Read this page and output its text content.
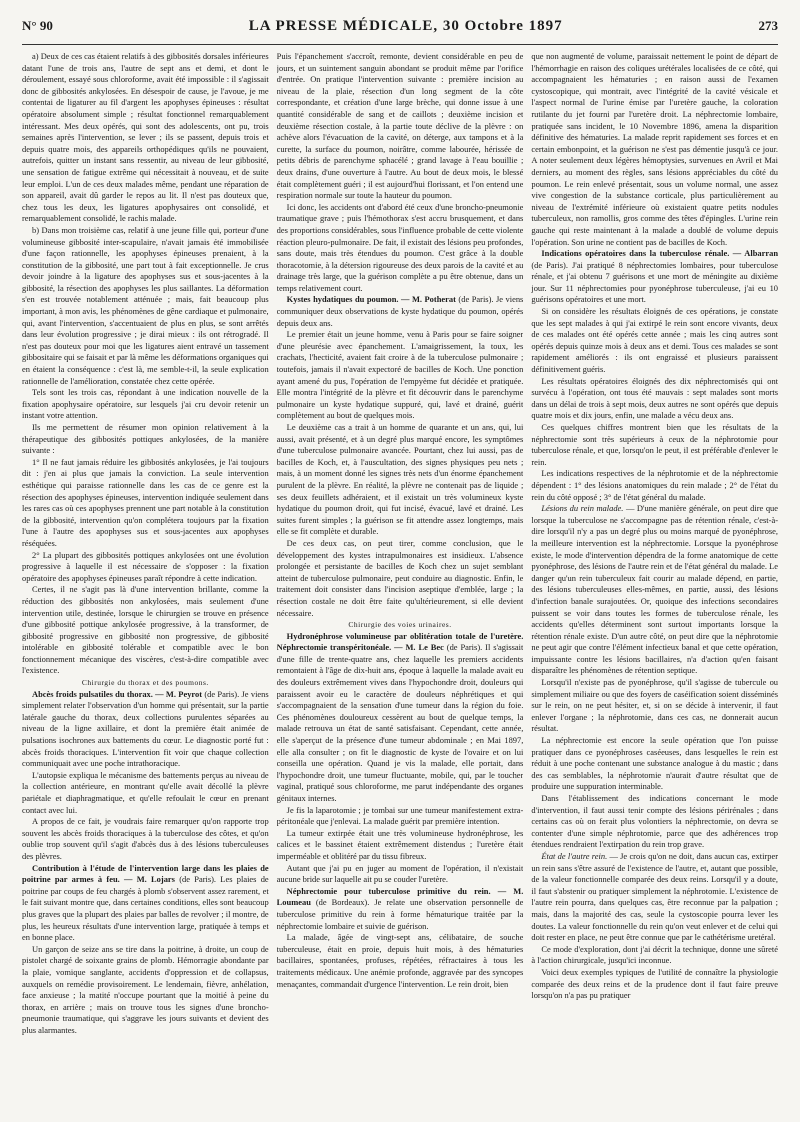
N° 90	LA PRESSE MÉDICALE, 30 Octobre 1897	273

a) Deux de ces cas étaient relatifs à des gibbosités dorsales inférieures datant l'une de trois ans, l'autre de sept ans et demi, et dont le déroulement, essayé sous chloroforme, avait été impossible : il s'agissait donc de gibbosités ankylosées. En désespoir de cause, je l'avoue, je me contentai de ligaturer au fil d'argent les apophyses épineuses : résultat opératoire absolument simple ; résultat fonctionnel remarquablement intéressant. Mes deux opérés, qui sont des adolescents, ont pu, trois semaines après l'intervention, se lever ; ils se passent, depuis trois et depuis quatre mois, des appareils orthopédiques qu'ils ne pouvaient, autrefois, quitter un instant sans ressentir, au niveau de leur gibbosité, une sensation de fatigue extrême qui nécessitait à nouveau, et de suite leur emploi. L'un de ces deux malades même, pendant une réparation de son appareil, avait dû garder le repos au lit. Il n'est pas douteux que, chez tous les deux, les ligatures apophysaires ont consolidé, et remarquablement consolidé, le rachis malade.

b) Dans mon troisième cas, relatif à une jeune fille qui, porteur d'une volumineuse gibbosité inter-scapulaire, n'avait jamais été immobilisée d'une façon rationnelle, les apophyses épineuses prenaient, à la constitution de la gibbosité, une part tout à fait exceptionnelle. Je crus devoir joindre à la ligature des apophyses sus et sous-jacentes à la gibbosité, la résection des apophyses les plus saillantes. La déformation s'en est trouvée notablement atténuée ; mais, fait beaucoup plus important, à mon avis, les phénomènes de gêne cardiaque et pulmonaire, qui, avant l'intervention, s'accentuaient de plus en plus, se sont arrêtés dans leur évolution progressive ; je dirai mieux : ils ont rétrogradé. Il n'est pas douteux pour moi que les ligatures aient entravé un tassement gibbositaire qui se faisait et par là même les déformations organiques qui en étaient la conséquence : c'est là, me semble-t-il, la seule explication rationnelle de l'amélioration, constatée chez cette opérée.

Tels sont les trois cas, répondant à une indication nouvelle de la fixation apophysaire opératoire, sur lesquels j'ai cru devoir retenir un instant votre attention.

Ils me permettent de résumer mon opinion relativement à la thérapeutique des gibbosités pottiques ankylosées, de la manière suivante :

1° Il ne faut jamais réduire les gibbosités ankylosées, je l'ai toujours dit : j'en ai plus que jamais la conviction. La seule intervention esthétique qui paraisse rationnelle dans les cas de ce genre est la résection des apophyses épineuses, intervention indiquée seulement dans les rares cas où ces apophyses prennent une part notable à la constitution de la gibbosité, intervention qu'on complétera toujours par la fixation l'une à l'autre des apophyses sus et sous-jacentes aux apophyses réséquées.

2° La plupart des gibbosités pottiques ankylosées ont une évolution progressive à laquelle il est nécessaire de s'opposer : la fixation opératoire des apophyses épineuses paraît répondre à cette indication.

Certes, il ne s'agit pas là d'une intervention brillante, comme la réduction des gibbosités non ankylosées, mais seulement d'une intervention utile, destinée, lorsque le chirurgien se trouve en présence d'une gibbosité pottique ankylosée progressive, à la transformer, de gibbosité progressive en gibbosité non progressive, de gibbosité intolérable en gibbosité tolérable et compatible avec le bon fonctionnement mécanique des viscères, c'est-à-dire compatible avec l'existence.

Chirurgie du thorax et des poumons.

Abcès froids pulsatiles du thorax. — M. Peyrot (de Paris). Je viens simplement relater l'observation d'un homme qui présentait, sur la partie latérale gauche du thorax, deux collections purulentes séparées au niveau de la ligne axillaire, et dont la première était animée de pulsations isochrones aux battements du cœur. Le diagnostic porté fut : abcès froids thoraciques. L'intervention fit voir que chaque collection communiquait avec une poche intrathoracique.

L'autopsie expliqua le mécanisme des battements perçus au niveau de la collection antérieure, en montrant qu'elle avait décollé la plèvre pariétale et diaphragmatique, et qu'elle refoulait le cœur en prenant contact avec lui.

A propos de ce fait, je voudrais faire remarquer qu'on rapporte trop souvent les abcès froids thoraciques à la tuberculose des côtes, et qu'on oublie trop souvent qu'il s'agit d'abcès dus à des lésions tuberculeuses des plèvres.

Contribution à l'étude de l'intervention large dans les plaies de poitrine par armes à feu. — M. Lojars (de Paris). Les plaies de poitrine par coups de feu chargés à plomb s'observent assez rarement, et le fait suivant montre que, dans certaines conditions, elles sont beaucoup plus graves que la plupart des plaies par balles de revolver ; il montre, de plus, les heureux résultats d'une intervention large, pratiquée à temps et en bonne place.

Un garçon de seize ans se tire dans la poitrine, à droite, un coup de pistolet chargé de soixante grains de plomb. Hémorragie abondante par la plaie, vomique sanglante, accidents d'oppression et de collapsus, auxquels on remédie provisoirement. Le lendemain, fièvre, anhélation, face anxieuse ; la matité n'occupe pourtant que la moitié à peine du thorax, en arrière ; mais on trouve tous les signes d'une broncho-pneumonie traumatique, qui s'aggrave les jours suivants et devient des plus alarmantes.

Puis l'épanchement s'accroît, remonte, devient considérable en peu de jours, et un suintement sanguin abondant se produit même par l'orifice d'entrée. On pratique l'intervention suivante : première incision au niveau de la plaie, résection d'un long segment de la côte correspondante, et création d'une large brèche, qui donne issue à une quantité considérable de sang et de caillots ; deuxième incision et deuxième résection costale, à la partie toute déclive de la plèvre : on achève alors l'évacuation de la cavité, on déterge, aux tampons et à la curette, la surface du poumon, noirâtre, comme labourée, hérissée de petits débris de parenchyme sphacélé ; grand lavage à l'eau bouillie ; deux drains, d'une ouverture à l'autre. Au bout de deux mois, le blessé était complètement guéri ; il est aujourd'hui florissant, et l'on entend une respiration normale sur toute la hauteur du poumon.

Ici donc, les accidents ont d'abord été ceux d'une broncho-pneumonie traumatique grave ; puis l'hémothorax s'est accru brusquement, et dans des proportions considérables, sous l'influence probable de cette violente réaction pleuro-pulmonaire. De fait, il existait des lésions peu profondes, sans doute, mais très étendues du poumon. C'est grâce à la double thoracotomie, à la détersion rigoureuse des deux parois de la cavité et au drainage très large, que la guérison complète a pu être obtenue, dans un temps relativement court.

Kystes hydatiques du poumon. — M. Potherat (de Paris). Je viens communiquer deux observations de kyste hydatique du poumon, opérés depuis deux ans.

Le premier était un jeune homme, venu à Paris pour se faire soigner d'une pleurésie avec épanchement. L'amaigrissement, la toux, les crachats, l'hecticité, avaient fait croire à de la tuberculose pulmonaire ; toutefois, jamais il n'avait expectoré de bacilles de Koch. Une ponction ayant amené du pus, l'opération de l'empyème fut décidée et pratiquée. Elle montra l'intégrité de la plèvre et fit découvrir dans le parenchyme pulmonaire un kyste hydatique suppuré, qui, lavé et drainé, guérit complètement au bout de quelques mois.

Le deuxième cas a trait à un homme de quarante et un ans, qui, lui aussi, avait présenté, et à un degré plus marqué encore, les symptômes d'une tuberculose pulmonaire avancée. Pourtant, chez lui aussi, pas de bacilles de Koch, et, à l'auscultation, des signes physiques peu nets ; mais, à un moment donné les signes très nets d'un énorme épanchement purulent de la plèvre. En réalité, la plèvre ne contenait pas de liquide ; ses deux feuillets adhéraient, et il existait un très volumineux kyste hydatique du poumon droit, qui fut incisé, évacué, lavé et drainé. Les suites furent simples ; la guérison se fit attendre assez longtemps, mais elle se fit complète et durable.

De ces deux cas, on peut tirer, comme conclusion, que le développement des kystes intrapulmonaires est insidieux. L'absence prolongée et persistante de bacilles de Koch chez un sujet semblant atteint de tuberculose pulmonaire, peut conduire au diagnostic. Enfin, le traitement doit consister dans l'incision aseptique d'emblée, large ; la résection costale ne doit être faite qu'ultérieurement, si elle devient nécessaire.

Chirurgie des voies urinaires.

Hydronéphrose volumineuse par oblitération totale de l'uretère. Néphrectomie transpéritonéale. — M. Le Bec (de Paris). Il s'agissait d'une fille de trente-quatre ans, chez laquelle les premiers accidents remontaient à l'âge de dix-huit ans, époque à laquelle la malade avait eu des douleurs extrêmement vives dans l'hypochondre droit, douleurs qui paraissent avoir eu le caractère de douleurs néphrétiques et qui s'accompagnaient de la sensation d'une tumeur dans la région du foie. Ces phénomènes douloureux cessèrent au bout de quelque temps, la malade retrouva un état de santé satisfaisant. Cependant, cette année, elle s'aperçut de la présence d'une tumeur abdominale ; en Mai 1897, elle alla consulter ; on fit le diagnostic de kyste de l'ovaire et on lui conseilla une opération. Quand je vis la malade, elle portait, dans l'hypochondre droit, une tumeur fluctuante, mobile, qui, par le toucher vaginal, pratiqué sous chloroforme, me parut indépendante des organes génitaux internes.

Je fis la laparotomie ; je tombai sur une tumeur manifestement extra-péritonéale que j'enlevai. La malade guérit par première intention.

La tumeur extirpée était une très volumineuse hydronéphrose, les calices et le bassinet étaient extrêmement distendus ; l'uretère était imperméable et oblitéré par du tissu fibreux.

Autant que j'ai pu en juger au moment de l'opération, il n'existait aucune bride sur laquelle ait pu se couder l'uretère.

Néphrectomie pour tuberculose primitive du rein. — M. Loumeau (de Bordeaux). Je relate une observation personnelle de tuberculose primitive du rein à forme hématurique traitée par la néphrectomie lombaire et suivie de guérison.

La malade, âgée de vingt-sept ans, célibataire, de souche tuberculeuse, était en proie, depuis huit mois, à des hématuries bacillaires, spontanées, profuses, répétées, réfractaires à tous les traitements médicaux. Une anémie profonde, aggravée par des syncopes menaçantes, commandait d'urgence l'intervention. Le rein droit, bien

que non augmenté de volume, paraissait nettement le point de départ de l'hémorrhagie en raison des coliques urétérales localisées de ce côté, qui accompagnaient les hématuries ; en raison aussi de l'examen cystoscopique, qui montrait, avec l'intégrité de la cavité vésicale et l'aspect normal de l'urine émise par l'uretère gauche, la coloration rutilante du jet fourni par l'uretère droit. La néphrectomie lombaire, pratiquée sans incident, le 10 Novembre 1896, amena la disparition définitive des hématuries. La malade reprit rapidement ses forces et en certain embonpoint, et la guérison ne s'est pas démentie jusqu'à ce jour. A noter seulement deux légères hémoptysies, survenues en Avril et Mai derniers, au moment des règles, sans lésions appréciables du côté du poumon. Le rein enlevé présentait, sous un volume normal, une assez vive congestion de la substance corticale, plus particulièrement au niveau de l'extrémité inférieure où existaient quatre petits nodules tuberculeux, non ramollis, gros comme des têtes d'épingles. L'urine rein gauche qui reste maintenant à la malade a doublé de volume depuis l'opération. Son urine ne contient pas de bacilles de Koch.

Indications opératoires dans la tuberculose rénale. — Albarran (de Paris). J'ai pratiqué 8 néphrectomies lombaires, pour tuberculose rénale, et j'ai obtenu 7 guérisons et une mort de méningite au dixième jour. Sur 11 néphrectomies pour pyonéphrose tuberculeuse, j'ai eu 10 guérisons opératoires et une mort.

Si on considère les résultats éloignés de ces opérations, je constate que les sept malades à qui j'ai extirpé le rein sont encore vivants, deux de ces malades ont été opérés cette année ; mais les cinq autres sont opérés depuis quinze mois à deux ans et demi. Tous ces malades se sont rapidement améliorés : ils ont engraissé et plusieurs paraissent définitivement guéris.

Les résultats opératoires éloignés des dix néphrectomisés qui ont survécu à l'opération, ont tous été mauvais : sept malades sont morts dans un délai de trois à sept mois, deux autres ne sont opérés que depuis quatre mois et dix jours, enfin, une malade a vécu deux ans.

Ces quelques chiffres montrent bien que les résultats de la néphrectomie sont très supérieurs à ceux de la néphrotomie pour tuberculose rénale, et que, lorsqu'on le peut, il est préférable d'enlever le rein.

Les indications respectives de la néphrotomie et de la néphrectomie dépendent : 1° des lésions anatomiques du rein malade ; 2° de l'état du rein du côté opposé ; 3° de l'état général du malade.

Lésions du rein malade. — D'une manière générale, on peut dire que lorsque la tuberculose ne s'accompagne pas de rétention rénale, c'est-à-dire lorsqu'il n'y a pas un degré plus ou moins marqué de pyonéphrose, la meilleure intervention est la néphrectomie. Lorsque la pyonéphrose existe, le mode d'intervention dépendra de la forme anatomique de cette pyonéphrose, des lésions de l'autre rein et de l'état général du malade. Le danger qu'un rein tuberculeux fait courir au malade dépend, en partie, des lésions tuberculeuses elles-mêmes, en partie, aussi, des lésions d'infection banale surajoutées. Or, quoique des infections secondaires puissent se voir dans toutes les formes de tuberculose rénale, les accidents qu'elles déterminent sont surtout importants lorsque la rétention rénale existe. D'un autre côté, on peut dire que la néphrotomie ne peut agir que contre l'élément infectieux banal et que cette opération, impuissante contre les lésions bacillaires, n'a d'action qu'en faisant disparaître les phénomènes de rétention septique.

Lorsqu'il n'existe pas de pyonéphrose, qu'il s'agisse de tubercule ou simplement miliaire ou que des foyers de caséification soient disséminés sur le rein, on ne peut hésiter, et, si on se décide à intervenir, il faut enlever l'organe ; la néphrotomie, dans ces cas, ne donnerait aucun résultat.

La néphrectomie est encore la seule opération que l'on puisse pratiquer dans ce pyonéphroses caséeuses, dans lesquelles le rein est réduit à une poche contenant une substance analogue à du mastic ; dans des cas semblables, la néphrotomie n'aurait d'autre résultat que de produire une suppuration interminable.

Dans l'établissement des indications concernant le mode d'intervention, il faut aussi tenir compte des lésions périrénales ; dans certains cas où on ferait plus volontiers la néphrectomie, on devra se contenter d'une simple néphrotomie, parce que des adhérences trop étendues rendraient l'extirpation du rein trop grave.

État de l'autre rein. — Je crois qu'on ne doit, dans aucun cas, extirper un rein sans s'être assuré de l'existence de l'autre, et, autant que possible, de la valeur fonctionnelle comparée des deux reins. Lorsqu'il y a doute, il faut s'abstenir ou pratiquer simplement la néphrotomie. L'existence de l'autre rein pourra, dans quelques cas, être reconnue par la palpation ; mais, dans la majorité des cas, seule la cystoscopie pourra lever les doutes. La valeur fonctionnelle du rein qu'on veut enlever et de celui qui doit rester en place, ne peut être connue que par le cathétérisme uretéral.

Ce mode d'exploration, dont j'ai décrit la technique, donne une sûreté à l'action chirurgicale, jusqu'ici inconnue.

Voici deux exemples typiques de l'utilité de connaître la physiologie comparée des deux reins et de la prudence dont il faut faire preuve lorsqu'on n'a pas pu pratiquer
